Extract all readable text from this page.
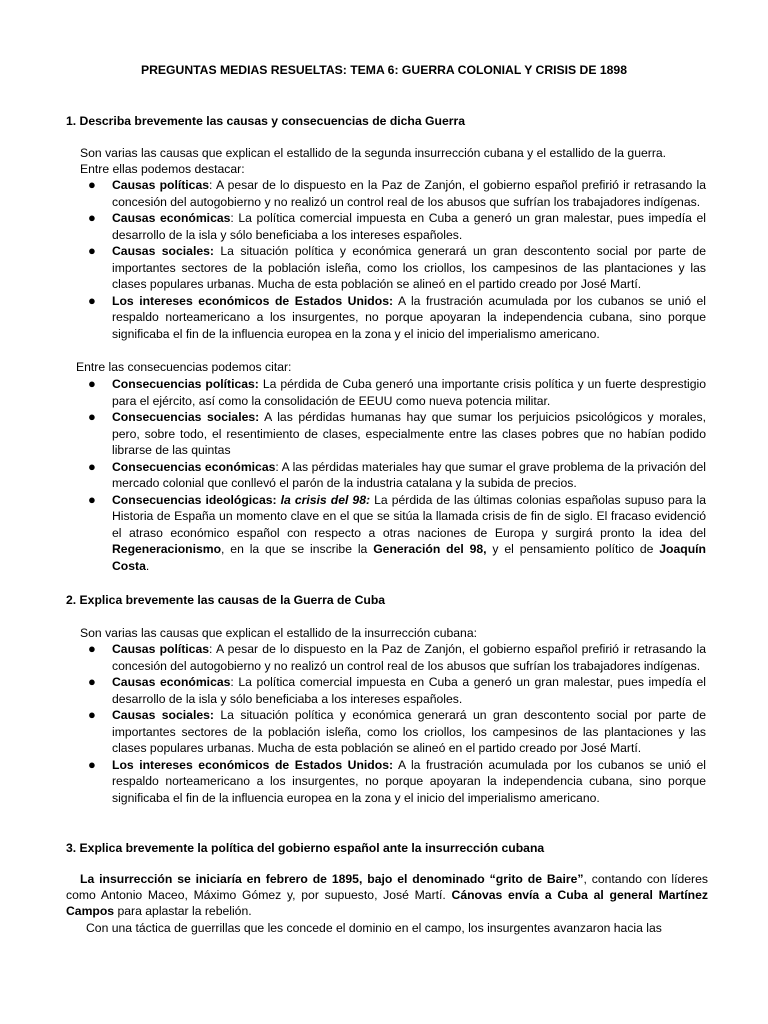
PREGUNTAS MEDIAS RESUELTAS: TEMA 6: GUERRA COLONIAL Y CRISIS DE 1898
1. Describa brevemente las causas y consecuencias de dicha Guerra
Son varias las causas que explican el estallido de la segunda insurrección cubana y el estallido de la guerra.
Entre ellas podemos destacar:
● Causas políticas: A pesar de lo dispuesto en la Paz de Zanjón, el gobierno español prefirió ir retrasando la concesión del autogobierno y no realizó un control real de los abusos que sufrían los trabajadores indígenas.
● Causas económicas: La política comercial impuesta en Cuba a generó un gran malestar, pues impedía el desarrollo de la isla y sólo beneficiaba a los intereses españoles.
● Causas sociales: La situación política y económica generará un gran descontento social por parte de importantes sectores de la población isleña, como los criollos, los campesinos de las plantaciones y las clases populares urbanas. Mucha de esta población se alineó en el partido creado por José Martí.
● Los intereses económicos de Estados Unidos: A la frustración acumulada por los cubanos se unió el respaldo norteamericano a los insurgentes, no porque apoyaran la independencia cubana, sino porque significaba el fin de la influencia europea en la zona y el inicio del imperialismo americano.
Entre las consecuencias podemos citar:
● Consecuencias políticas: La pérdida de Cuba generó una importante crisis política y un fuerte desprestigio para el ejército, así como la consolidación de EEUU como nueva potencia militar.
● Consecuencias sociales: A las pérdidas humanas hay que sumar los perjuicios psicológicos y morales, pero, sobre todo, el resentimiento de clases, especialmente entre las clases pobres que no habían podido librarse de las quintas
● Consecuencias económicas: A las pérdidas materiales hay que sumar el grave problema de la privación del mercado colonial que conllevó el parón de la industria catalana y la subida de precios.
● Consecuencias ideológicas: la crisis del 98: La pérdida de las últimas colonias españolas supuso para la Historia de España un momento clave en el que se sitúa la llamada crisis de fin de siglo. El fracaso evidenció el atraso económico español con respecto a otras naciones de Europa y surgirá pronto la idea del Regeneracionismo, en la que se inscribe la Generación del 98, y el pensamiento político de Joaquín Costa.
2. Explica brevemente las causas de la Guerra de Cuba
Son varias las causas que explican el estallido de la insurrección cubana:
● Causas políticas: A pesar de lo dispuesto en la Paz de Zanjón, el gobierno español prefirió ir retrasando la concesión del autogobierno y no realizó un control real de los abusos que sufrían los trabajadores indígenas.
● Causas económicas: La política comercial impuesta en Cuba a generó un gran malestar, pues impedía el desarrollo de la isla y sólo beneficiaba a los intereses españoles.
● Causas sociales: La situación política y económica generará un gran descontento social por parte de importantes sectores de la población isleña, como los criollos, los campesinos de las plantaciones y las clases populares urbanas. Mucha de esta población se alineó en el partido creado por José Martí.
● Los intereses económicos de Estados Unidos: A la frustración acumulada por los cubanos se unió el respaldo norteamericano a los insurgentes, no porque apoyaran la independencia cubana, sino porque significaba el fin de la influencia europea en la zona y el inicio del imperialismo americano.
3. Explica brevemente la política del gobierno español ante la insurrección cubana
La insurrección se iniciaría en febrero de 1895, bajo el denominado “grito de Baire”, contando con líderes como Antonio Maceo, Máximo Gómez y, por supuesto, José Martí. Cánovas envía a Cuba al general Martínez Campos para aplastar la rebelión.
Con una táctica de guerrillas que les concede el dominio en el campo, los insurgentes avanzaron hacia las
